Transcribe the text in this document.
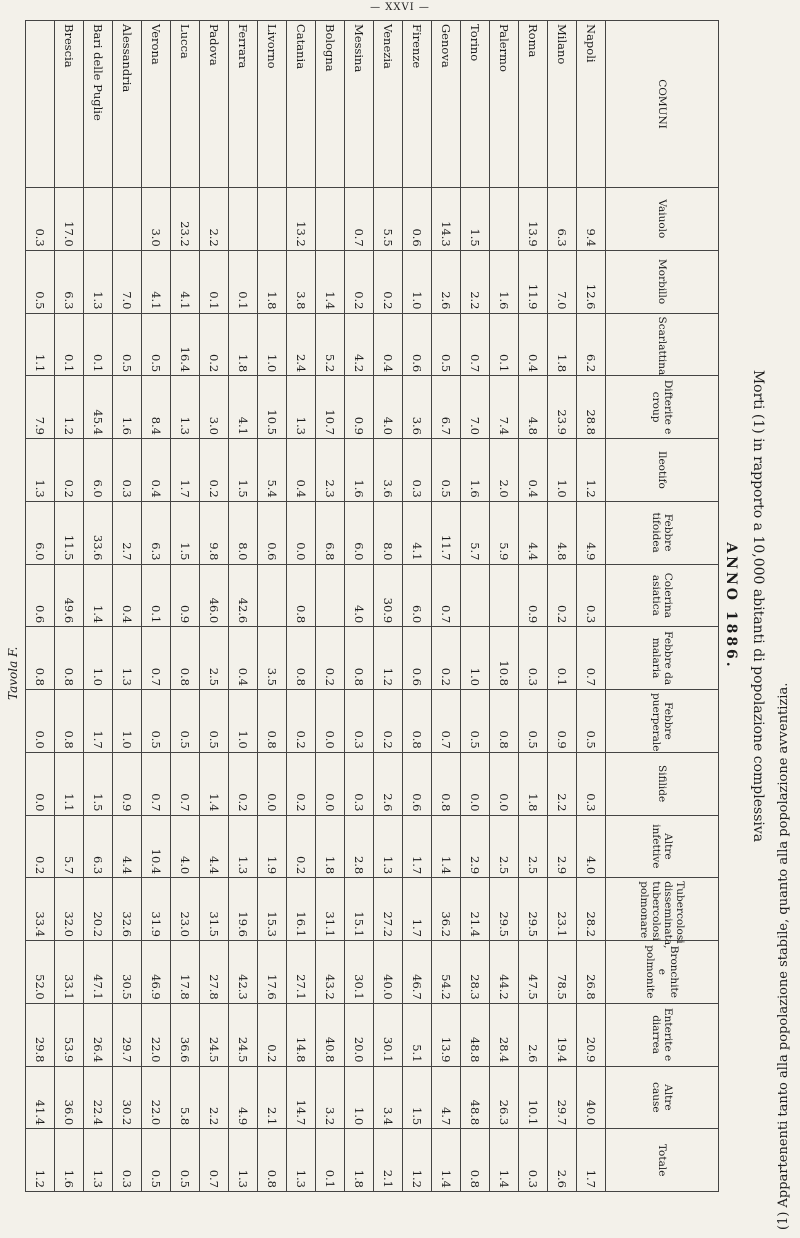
— XXVI —
Morti (1) in rapporto a 10,000 abitanti di popolazione complessiva
ANNO 1886.
COMUNI	Vaiuolo	Morbillo	Scarlattina	Difterite e croup	Ileotifo	Febbre tifoidea	Colerina asiatica	Febbre da malaria	Febbre puerperale	Sifilide	Altre infettive	Tubercolosi disseminata, tubercolosi polmonare	Bronchite e polmonite	Enterite e diarrea	Altre cause	Totale
Napoli	9.4	12.6	6.2	28.8	1.2	4.9	0.3	0.7	0.5	0.3	4.0	28.2	26.8	20.9	40.0	1.7
Milano	6.3	7.0	1.8	23.9	1.0	4.8	0.2	0.1	0.9	2.2	2.9	23.1	78.5	19.4	29.7	2.6
Roma	13.9	11.9	0.4	4.8	0.4	4.4	0.9	0.3	0.5	1.8	2.5	29.5	47.5	2.6	10.1	0.3
Palermo		1.6	0.1	7.4	2.0	5.9		10.8	0.8	0.0	2.5	29.5	44.2	28.4	26.3	1.4
Torino	1.5	2.2	0.7	7.0	1.6	5.7		1.0	0.5	0.0	2.9	21.4	28.3	48.8	48.8	0.8
Genova	14.3	2.6	0.5	6.7	0.5	11.7	0.7	0.2	0.7	0.8	1.4	36.2	54.2	13.9	4.7	1.4
Firenze	0.6	1.0	0.6	3.6	0.3	4.1	6.0	0.6	0.8	0.6	1.7	1.7	46.7	5.1	1.5	1.2
Venezia	5.5	0.2	0.4	4.0	3.6	8.0	30.9	1.2	0.2	2.6	1.3	27.2	40.0	30.1	3.4	2.1
Messina	0.7	0.2	4.2	0.9	1.6	6.0	4.0	0.8	0.3	0.3	2.8	15.1	30.1	20.0	1.0	1.8
Bologna		1.4	5.2	10.7	2.3	6.8		0.2	0.0	0.0	1.8	31.1	43.2	40.8	3.2	0.1
Catania	13.2	3.8	2.4	1.3	0.4	0.0	0.8	0.8	0.2	0.2	0.2	16.1	27.1	14.8	14.7	1.3
Livorno		1.8	1.0	10.5	5.4	0.6		3.5	0.8	0.0	1.9	15.3	17.6	0.2	2.1	0.8
Ferrara		0.1	1.8	4.1	1.5	8.0	42.6	0.4	1.0	0.2	1.3	19.6	42.3	24.5	4.9	1.3
Padova	2.2	0.1	0.2	3.0	0.2	9.8	46.0	2.5	0.5	1.4	4.4	31.5	27.8	24.5	2.2	0.7
Lucca	23.2	4.1	16.4	1.3	1.7	1.5	0.9	0.8	0.5	0.7	4.0	23.0	17.8	36.6	5.8	0.5
Verona	3.0	4.1	0.5	8.4	0.4	6.3	0.1	0.7	0.5	0.7	10.4	31.9	46.9	22.0	22.0	0.5
Alessandria		7.0	0.5	1.6	0.3	2.7	0.4	1.3	1.0	0.9	4.4	32.6	30.5	29.7	30.2	0.3
Bari delle Puglie		1.3	0.1	45.4	6.0	33.6	1.4	1.0	1.7	1.5	6.3	20.2	47.1	26.4	22.4	1.3
Brescia	17.0	6.3	0.1	1.2	0.2	11.5	49.6	0.8	0.8	1.1	5.7	32.0	33.1	53.9	36.0	1.6
	0.3	0.5	1.1	7.9	1.3	6.0	0.6	0.8	0.0	0.0	0.2	33.4	52.0	29.8	41.4	1.2
Tavola F.
(1) Appartenenti tanto alla popolazione stabile, quanto alla popolazione avventizia.
